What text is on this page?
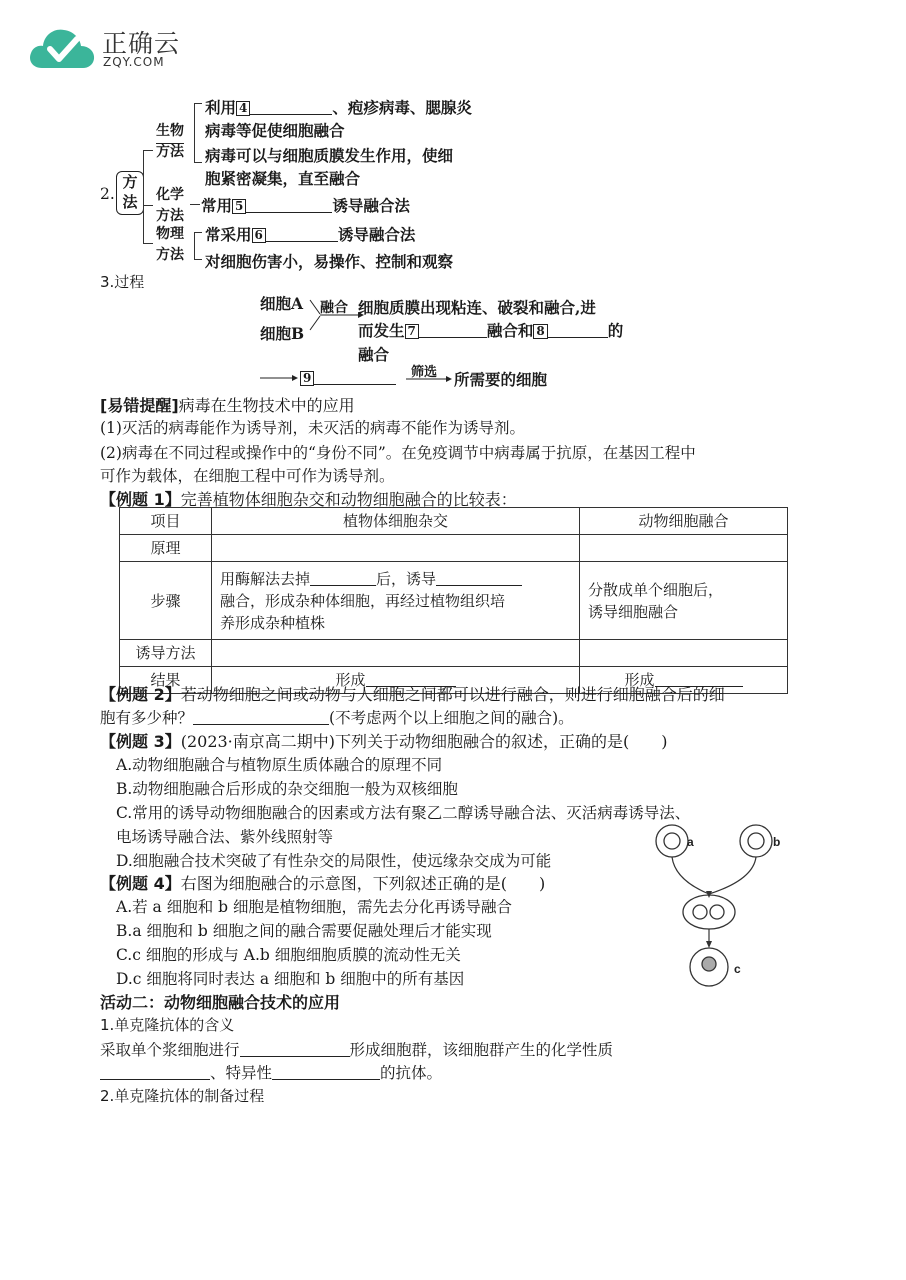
正确云
ZQY.COM
2.
方法
生物
方法
利用 4	、疱疹病毒、腮腺炎
病毒等促使细胞融合
病毒可以与细胞质膜发生作用，使细
胞紧密凝集，直至融合
化学
方法
常用 5	诱导融合法
物理
方法
常采用 6	诱导融合法
对细胞伤害小，易操作、控制和观察
3.过程
细胞A
细胞B
融合 细胞质膜出现粘连、破裂和融合,进
而发生 7	融合和 8	的
融合
9	筛选 所需要的细胞
[易错提醒]病毒在生物技术中的应用
(1)灭活的病毒能作为诱导剂，未灭活的病毒不能作为诱导剂。
(2)病毒在不同过程或操作中的“身份不同”。在免疫调节中病毒属于抗原，在基因工程中
可作为载体，在细胞工程中可作为诱导剂。
【例题 1】完善植物体细胞杂交和动物细胞融合的比较表：
项目	植物体细胞杂交	动物细胞融合
原理		
步骤	用酶解法去掉 后，诱导
融合，形成杂种体细胞，再经过植物组织培
养形成杂种植株	分散成单个细胞后，
诱导细胞融合
诱导方法		
结果	形成	形成
【例题 2】若动物细胞之间或动物与人细胞之间都可以进行融合，则进行细胞融合后的细
胞有多少种？	(不考虑两个以上细胞之间的融合)。
【例题 3】(2023·南京高二期中)下列关于动物细胞融合的叙述，正确的是(　　)
A.动物细胞融合与植物原生质体融合的原理不同
B.动物细胞融合后形成的杂交细胞一般为双核细胞
C.常用的诱导动物细胞融合的因素或方法有聚乙二醇诱导融合法、灭活病毒诱导法、
电场诱导融合法、紫外线照射等
D.细胞融合技术突破了有性杂交的局限性，使远缘杂交成为可能
【例题 4】右图为细胞融合的示意图，下列叙述正确的是(　　)
A.若 a 细胞和 b 细胞是植物细胞，需先去分化再诱导融合
B.a 细胞和 b 细胞之间的融合需要促融处理后才能实现
C.c 细胞的形成与 A.b 细胞细胞质膜的流动性无关
D.c 细胞将同时表达 a 细胞和 b 细胞中的所有基因
a	b
c
活动二：动物细胞融合技术的应用
1.单克隆抗体的含义
采取单个浆细胞进行	形成细胞群，该细胞群产生的化学性质
、特异性	的抗体。
2.单克隆抗体的制备过程
